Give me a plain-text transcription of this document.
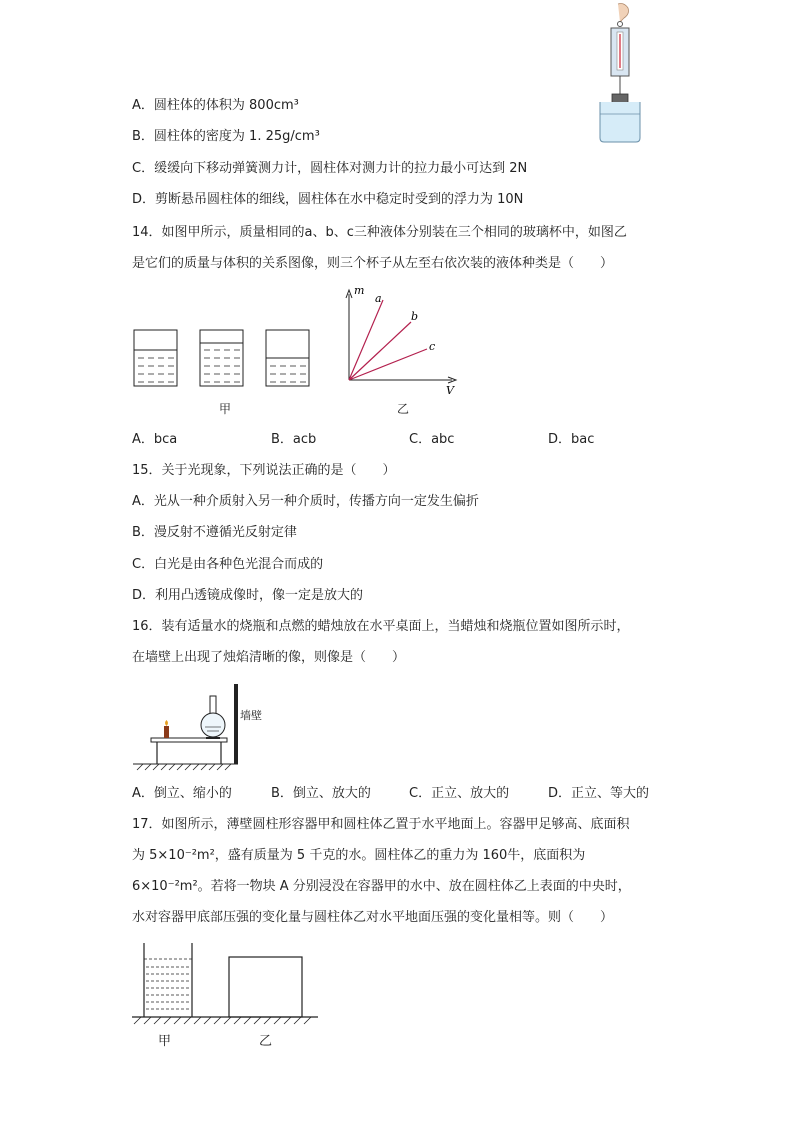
A．圆柱体的体积为 800cm³
B．圆柱体的密度为 1. 25g/cm³
C．缓缓向下移动弹簧测力计，圆柱体对测力计的拉力最小可达到 2N
D．剪断悬吊圆柱体的细线，圆柱体在水中稳定时受到的浮力为 10N
14．如图甲所示，质量相同的a、b、c三种液体分别装在三个相同的玻璃杯中，如图乙
是它们的质量与体积的关系图像，则三个杯子从左至右依次装的液体种类是（　　）
甲
m
V
a
b
c
乙
A．bca	B．acb	C．abc	D．bac
15．关于光现象，下列说法正确的是（　　）
A．光从一种介质射入另一种介质时，传播方向一定发生偏折
B．漫反射不遵循光反射定律
C．白光是由各种色光混合而成的
D．利用凸透镜成像时，像一定是放大的
16．装有适量水的烧瓶和点燃的蜡烛放在水平桌面上，当蜡烛和烧瓶位置如图所示时，
在墙壁上出现了烛焰清晰的像，则像是（　　）
墙壁
A．倒立、缩小的	B．倒立、放大的	C．正立、放大的	D．正立、等大的
17．如图所示，薄壁圆柱形容器甲和圆柱体乙置于水平地面上。容器甲足够高、底面积
为 5×10⁻²m²，盛有质量为 5 千克的水。圆柱体乙的重力为 160牛，底面积为
6×10⁻²m²。若将一物块 A 分别浸没在容器甲的水中、放在圆柱体乙上表面的中央时，
水对容器甲底部压强的变化量与圆柱体乙对水平地面压强的变化量相等。则（　　）
甲	乙
